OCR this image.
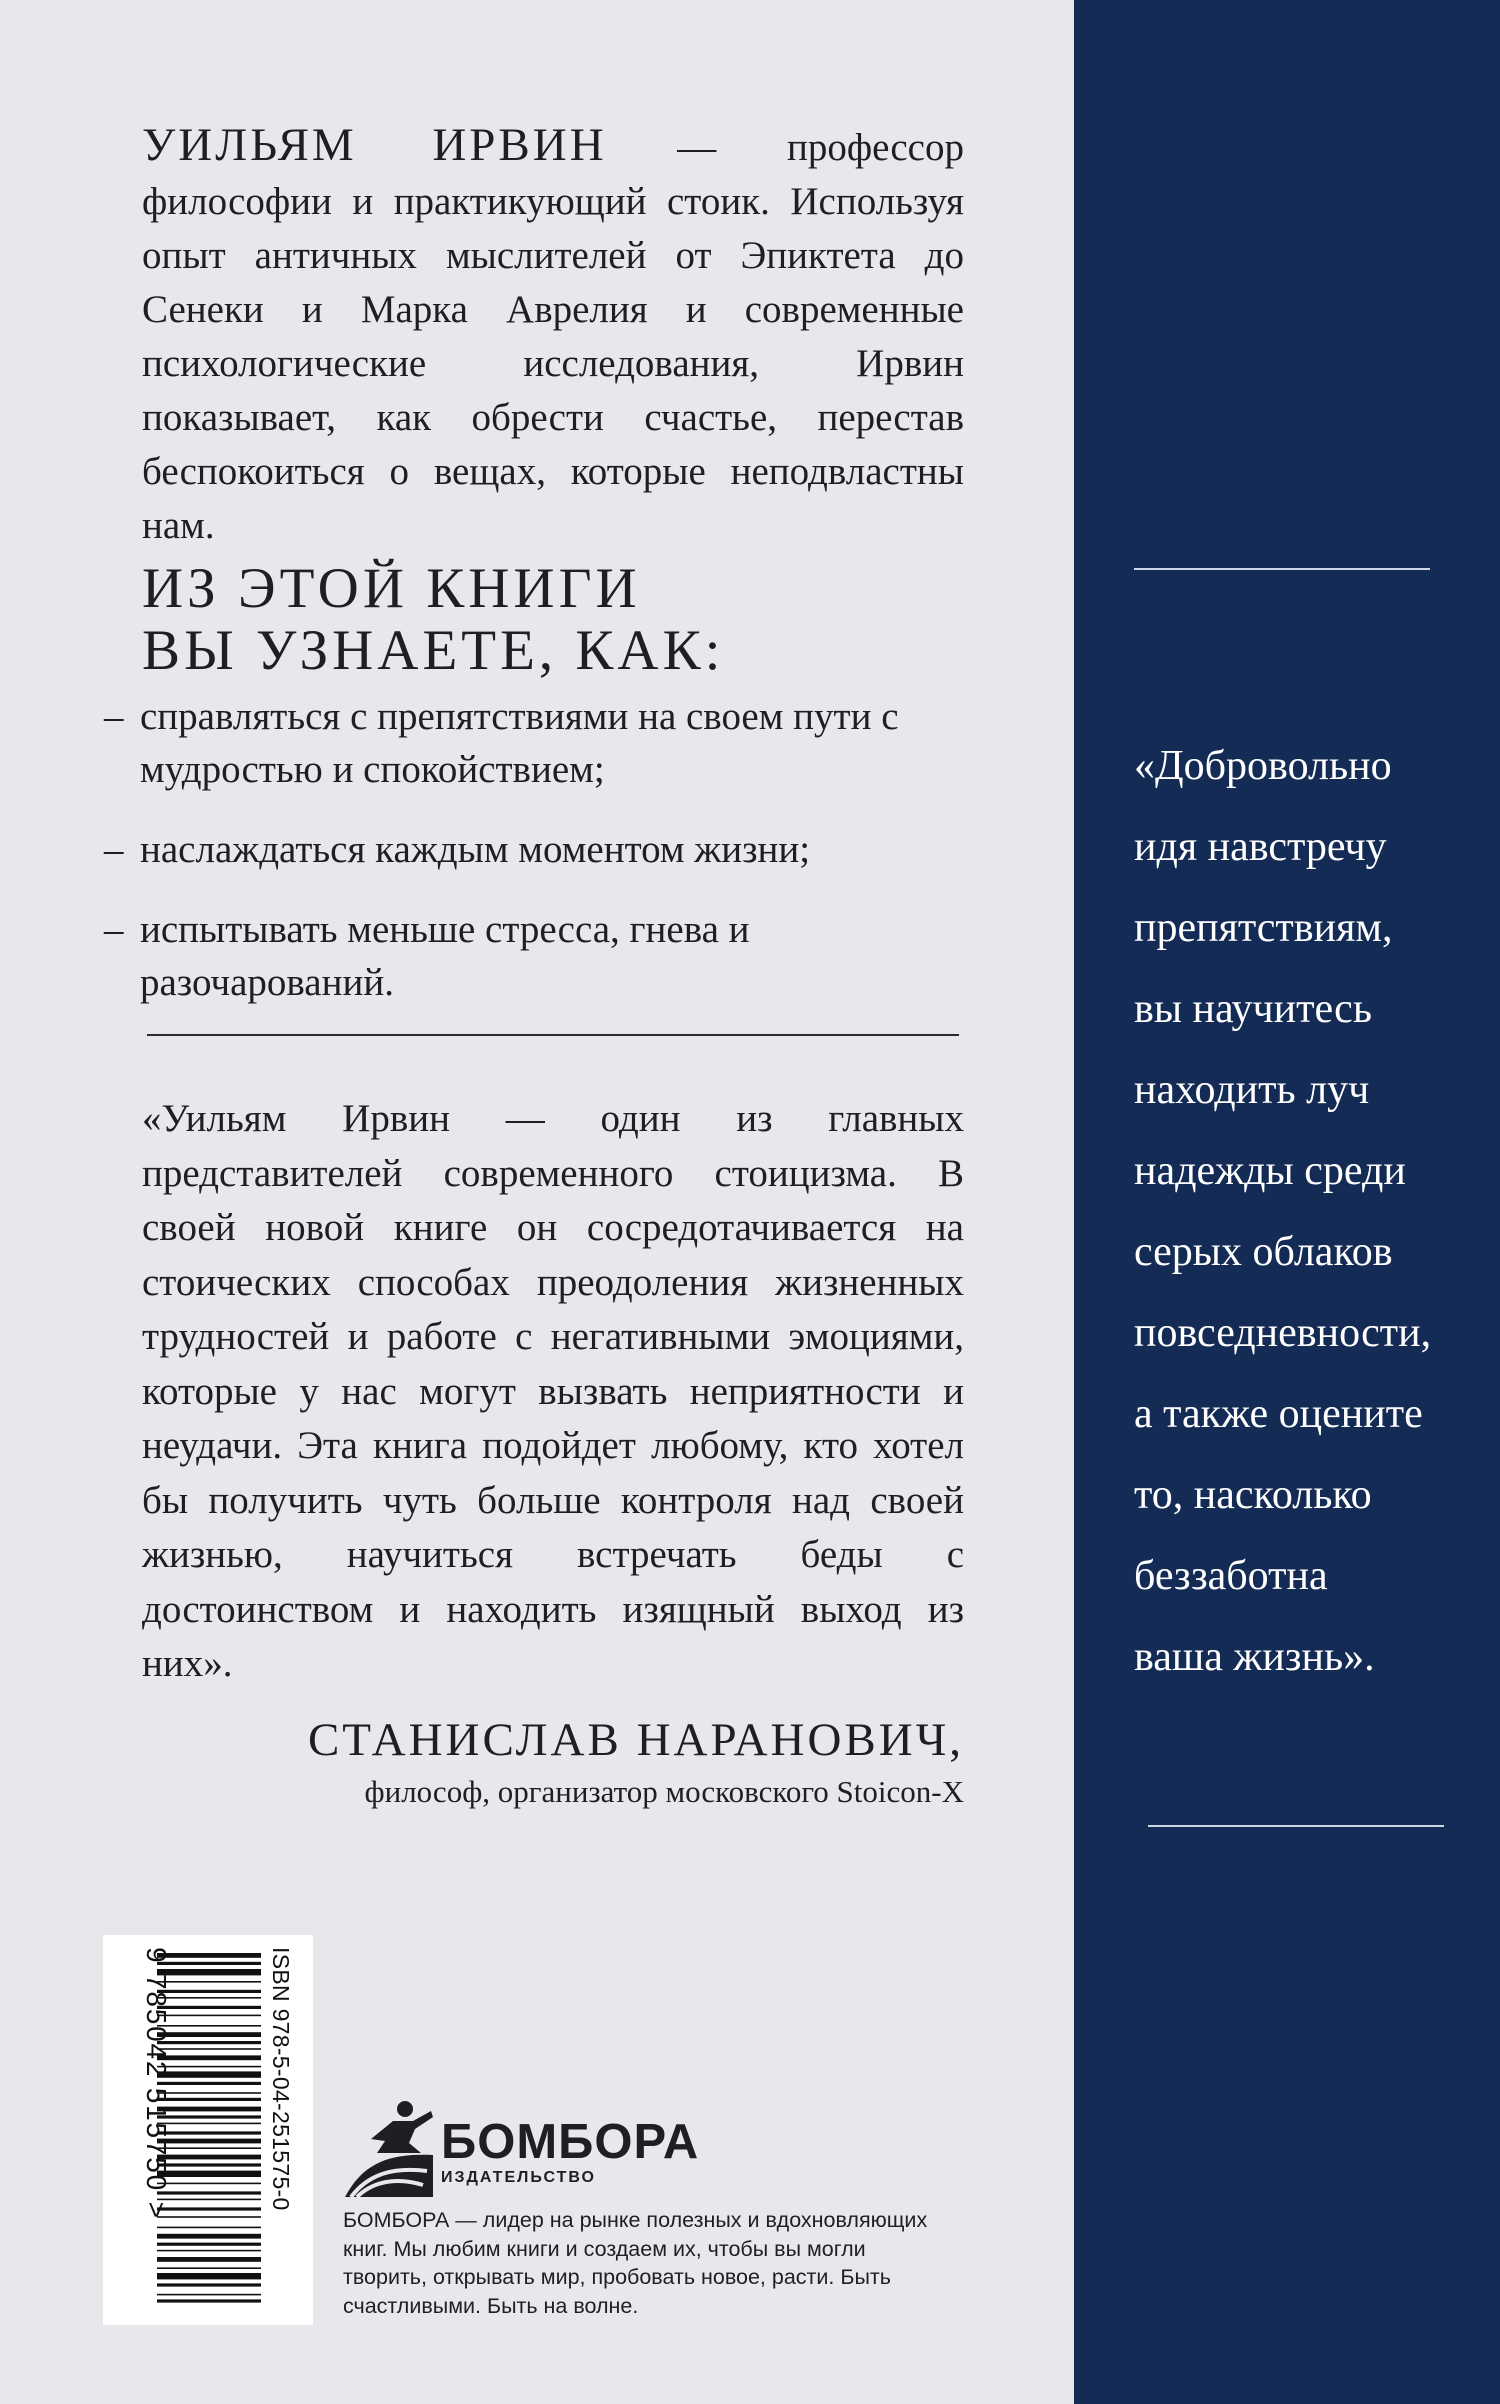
УИЛЬЯМ ИРВИН — профессор философии и практикующий стоик. Используя опыт античных мыслителей от Эпиктета до Сенеки и Марка Аврелия и современные психологические исследования, Ирвин показывает, как обрести счастье, перестав беспокоиться о вещах, которые неподвластны нам.
ИЗ ЭТОЙ КНИГИ
ВЫ УЗНАЕТЕ, КАК:
– справляться с препятствиями на своем пути с мудростью и спокойствием;
– наслаждаться каждым моментом жизни;
– испытывать меньше стресса, гнева и разочарований.
«Уильям Ирвин — один из главных представителей современного стоицизма. В своей новой книге он сосредотачивается на стоических способах преодоления жизненных трудностей и работе с негативными эмоциями, которые у нас могут вызвать неприятности и неудачи. Эта книга подойдет любому, кто хотел бы получить чуть больше контроля над своей жизнью, научиться встречать беды с достоинством и находить изящный выход из них».
СТАНИСЛАВ НАРАНОВИЧ,
философ, организатор московского Stoicon-X
«Добровольно
идя навстречу
препятствиям,
вы научитесь
находить луч
надежды среди
серых облаков
повседневности,
а также оцените
то, насколько
беззаботна
ваша жизнь».
9 785042 515750 >	ISBN 978-5-04-251575-0	БОМБОРА
ИЗДАТЕЛЬСТВО
БОМБОРА — лидер на рынке полезных и вдохновляющих книг. Мы любим книги и создаем их, чтобы вы могли творить, открывать мир, пробовать новое, расти. Быть счастливыми. Быть на волне.
